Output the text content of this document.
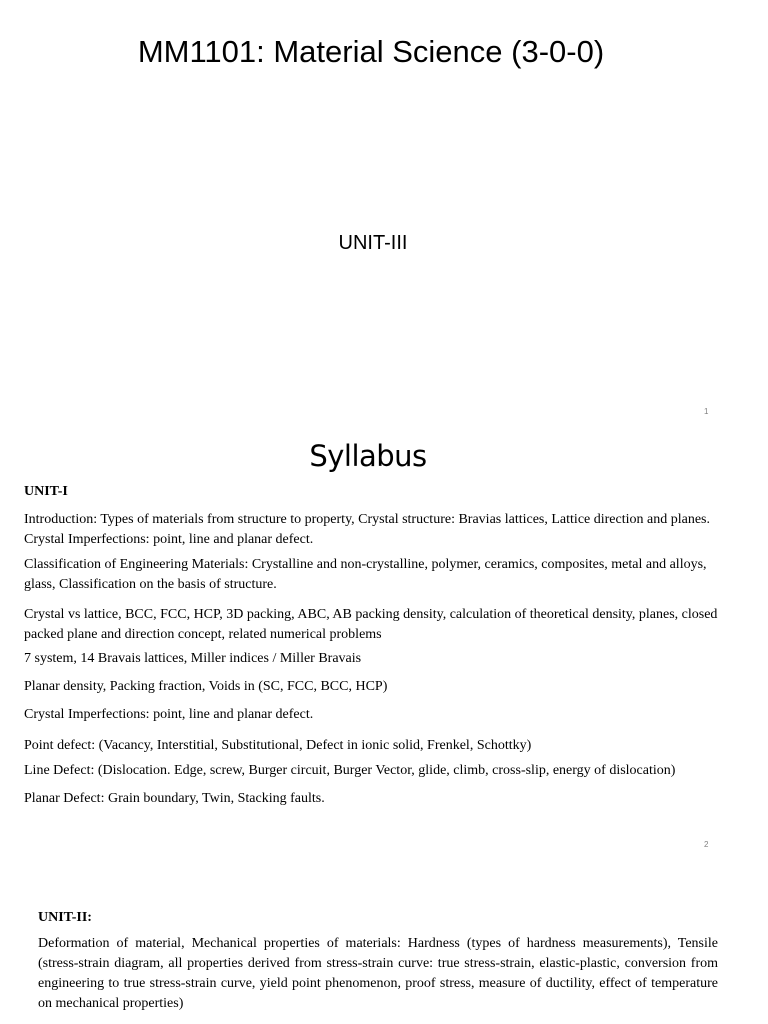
MM1101: Material Science (3-0-0)
UNIT-III
1
Syllabus
UNIT-I

Introduction: Types of materials from structure to property, Crystal structure: Bravias lattices, Lattice direction and planes. Crystal Imperfections: point, line and planar defect.

Classification of Engineering Materials: Crystalline and non-crystalline, polymer, ceramics, composites, metal and alloys, glass, Classification on the basis of structure.

Crystal vs lattice, BCC, FCC, HCP, 3D packing, ABC, AB packing density, calculation of theoretical density, planes, closed packed plane and direction concept, related numerical problems

7 system, 14 Bravais lattices, Miller indices / Miller Bravais

Planar density, Packing fraction, Voids in (SC, FCC, BCC, HCP)

Crystal Imperfections: point, line and planar defect.

Point defect: (Vacancy, Interstitial, Substitutional, Defect in ionic solid, Frenkel, Schottky)

Line Defect: (Dislocation. Edge, screw, Burger circuit, Burger Vector, glide, climb, cross-slip, energy of dislocation)

Planar Defect: Grain boundary, Twin, Stacking faults.

2
UNIT-II:

Deformation of material, Mechanical properties of materials: Hardness (types of hardness measurements), Tensile (stress-strain diagram, all properties derived from stress-strain curve: true stress-strain, elastic-plastic, conversion from engineering to true stress-strain curve, yield point phenomenon, proof stress, measure of ductility, effect of temperature on mechanical properties)
